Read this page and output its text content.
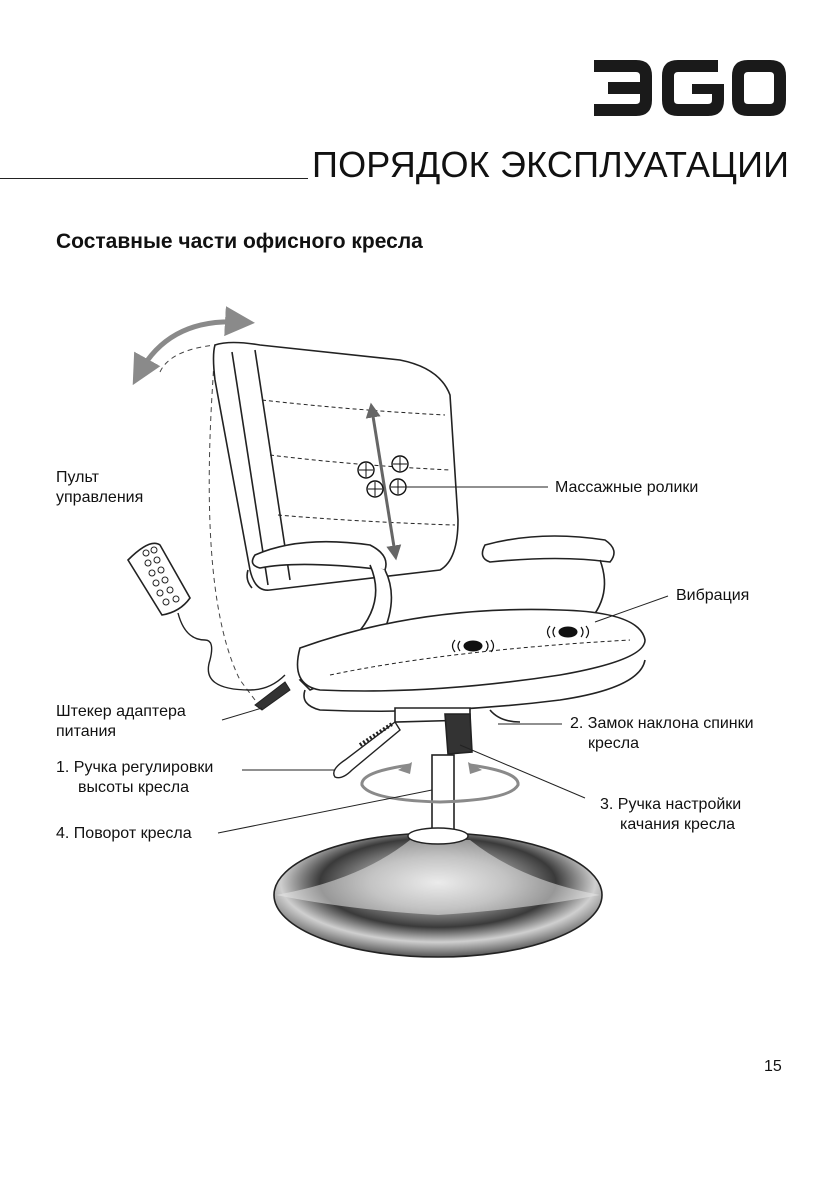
ПОРЯДОК ЭКСПЛУАТАЦИИ
Составные части офисного кресла
Пульт
управления
Массажные ролики
Вибрация
Штекер адаптера
питания	2. Замок наклона спинки
кресла
1. Ручка регулировки
высоты кресла
3. Ручка настройки
качания кресла
4. Поворот кресла
15
